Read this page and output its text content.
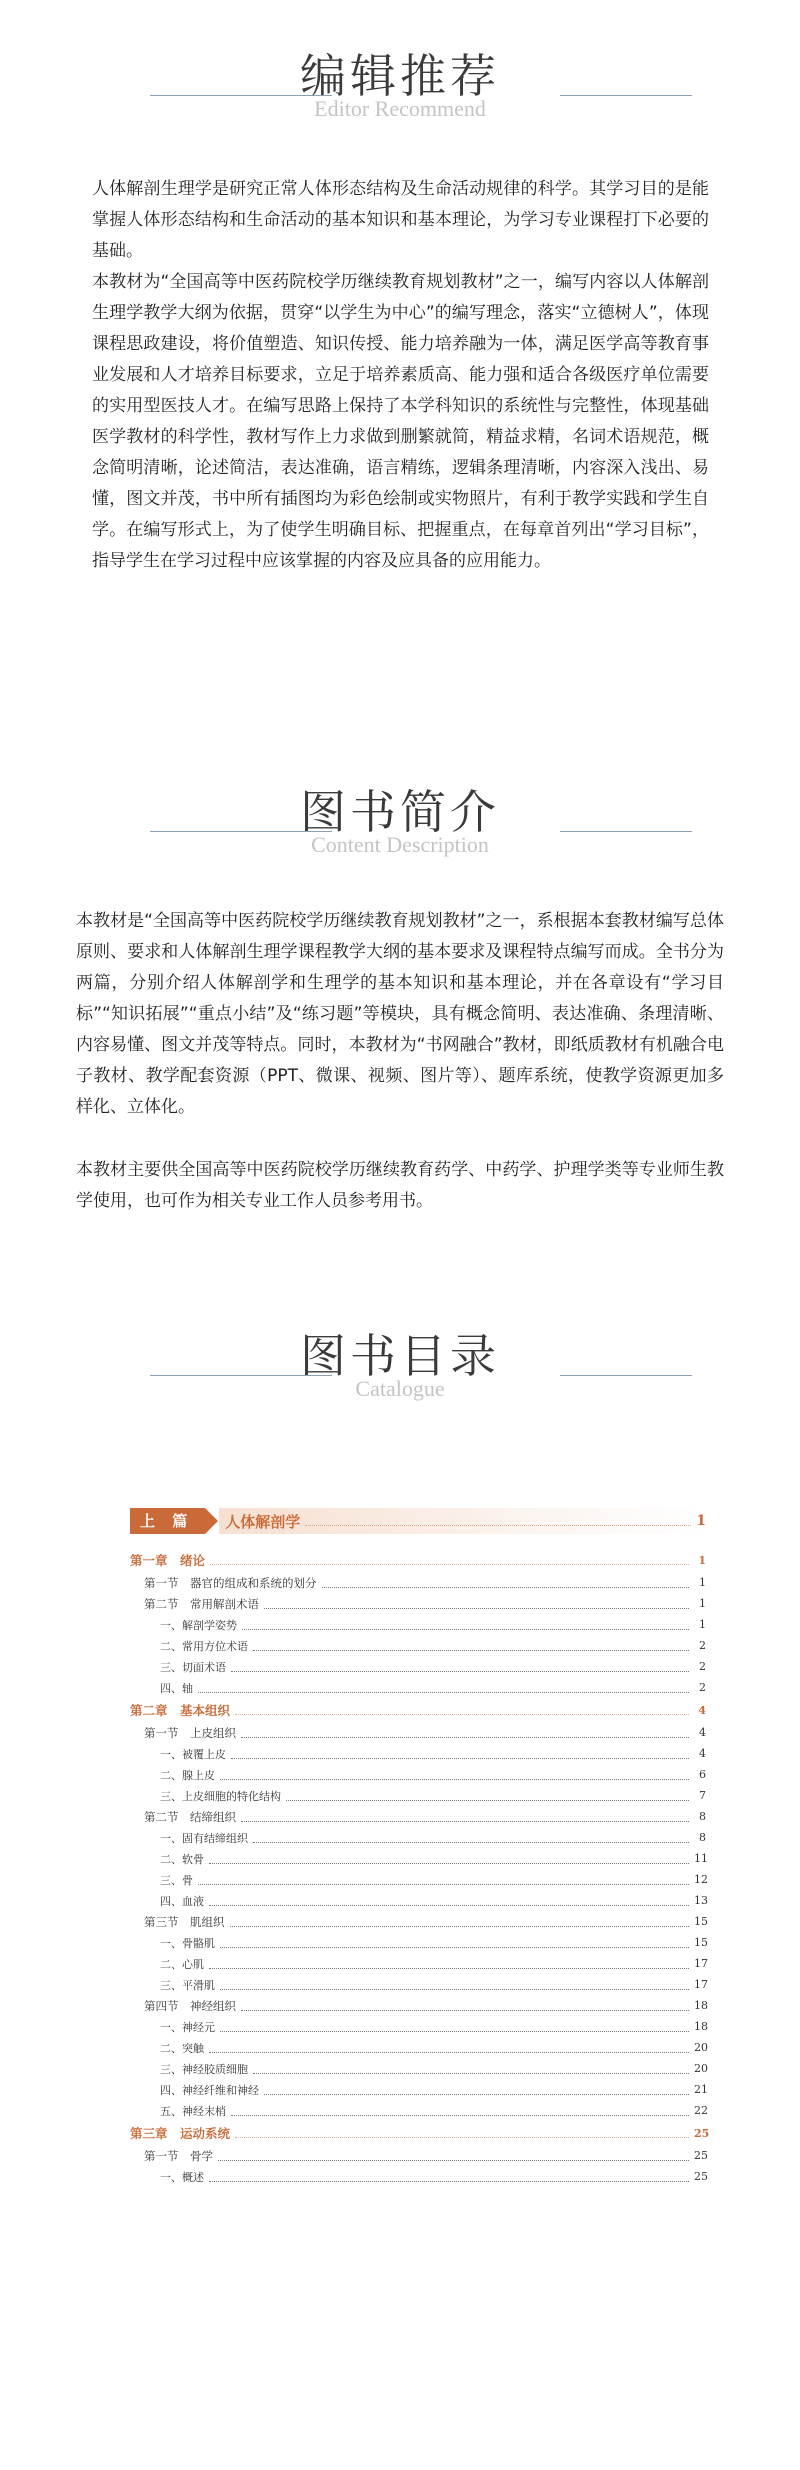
编辑推荐
Editor Recommend

人体解剖生理学是研究正常人体形态结构及生命活动规律的科学。其学习目的是能掌握人体形态结构和生命活动的基本知识和基本理论，为学习专业课程打下必要的基础。

本教材为“全国高等中医药院校学历继续教育规划教材”之一，编写内容以人体解剖生理学教学大纲为依据，贯穿“以学生为中心”的编写理念，落实“立德树人”，体现课程思政建设，将价值塑造、知识传授、能力培养融为一体，满足医学高等教育事业发展和人才培养目标要求，立足于培养素质高、能力强和适合各级医疗单位需要的实用型医技人才。在编写思路上保持了本学科知识的系统性与完整性，体现基础医学教材的科学性，教材写作上力求做到删繁就简，精益求精，名词术语规范，概念简明清晰，论述简洁，表达准确，语言精练，逻辑条理清晰，内容深入浅出、易懂，图文并茂，书中所有插图均为彩色绘制或实物照片，有利于教学实践和学生自学。在编写形式上，为了使学生明确目标、把握重点，在每章首列出“学习目标”，指导学生在学习过程中应该掌握的内容及应具备的应用能力。

图书简介
Content Description

本教材是“全国高等中医药院校学历继续教育规划教材”之一，系根据本套教材编写总体原则、要求和人体解剖生理学课程教学大纲的基本要求及课程特点编写而成。全书分为两篇，分别介绍人体解剖学和生理学的基本知识和基本理论，并在各章设有“学习目标”“知识拓展”“重点小结”及“练习题”等模块，具有概念简明、表达准确、条理清晰、内容易懂、图文并茂等特点。同时，本教材为“书网融合”教材，即纸质教材有机融合电子教材、教学配套资源（PPT、微课、视频、图片等）、题库系统，使教学资源更加多样化、立体化。

本教材主要供全国高等中医药院校学历继续教育药学、中药学、护理学类等专业师生教学使用，也可作为相关专业工作人员参考用书。

图书目录
Catalogue
上 篇	人体解剖学	1
第一章　绪论	1
第一节　器官的组成和系统的划分	1
第二节　常用解剖术语	1
一、解剖学姿势	1
二、常用方位术语	2
三、切面术语	2
四、轴	2
第二章　基本组织	4
第一节　上皮组织	4
一、被覆上皮	4
二、腺上皮	6
三、上皮细胞的特化结构	7
第二节　结缔组织	8
一、固有结缔组织	8
二、软骨	11
三、骨	12
四、血液	13
第三节　肌组织	15
一、骨骼肌	15
二、心肌	17
三、平滑肌	17
第四节　神经组织	18
一、神经元	18
二、突触	20
三、神经胶质细胞	20
四、神经纤维和神经	21
五、神经末梢	22
第三章　运动系统	25
第一节　骨学	25
一、概述	25
